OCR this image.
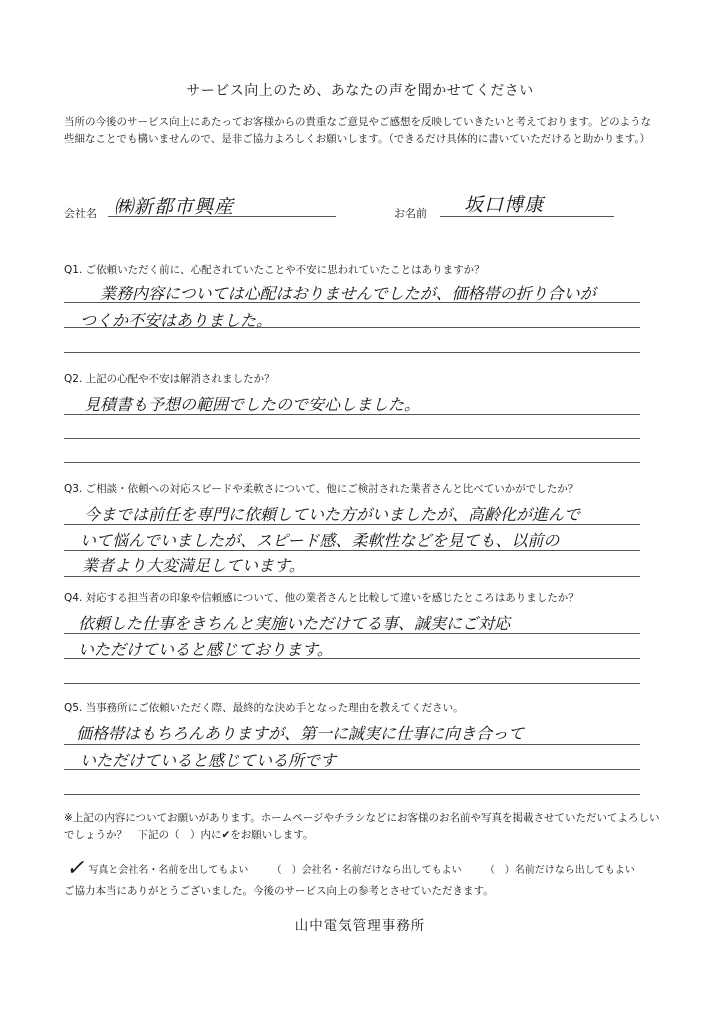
サービス向上のため、あなたの声を聞かせてください
当所の今後のサービス向上にあたってお客様からの貴重なご意見やご感想を反映していきたいと考えております。どのような些細なことでも構いませんので、是非ご協力よろしくお願いします。（できるだけ具体的に書いていただけると助かります。）
会社名 ㈱新都市興産	お名前 坂口博康
Q1. ご依頼いただく前に、心配されていたことや不安に思われていたことはありますか？
業務内容については心配はおりませんでしたが、価格帯の折り合いが
つくか不安はありました。
Q2. 上記の心配や不安は解消されましたか？
見積書も予想の範囲でしたので安心しました。
Q3. ご相談・依頼への対応スピードや柔軟さについて、他にご検討された業者さんと比べていかがでしたか？
今までは前任を専門に依頼していた方がいましたが、高齢化が進んで
いて悩んでいましたが、スピード感、柔軟性などを見ても、以前の
業者より大変満足しています。
Q4. 対応する担当者の印象や信頼感について、他の業者さんと比較して違いを感じたところはありましたか？
依頼した仕事をきちんと実施いただけてる事、誠実にご対応
いただけていると感じております。
Q5. 当事務所にご依頼いただく際、最終的な決め手となった理由を教えてください。
価格帯はもちろんありますが、第一に誠実に仕事に向き合って
いただけていると感じている所です
※上記の内容についてお願いがあります。ホームページやチラシなどにお客様のお名前や写真を掲載させていただいてよろしいでしょうか？　下記の（　）内に✔をお願いします。
✓ 写真と会社名・名前を出してもよい （　）会社名・名前だけなら出してもよい （　）名前だけなら出してもよい
ご協力本当にありがとうございました。今後のサービス向上の参考とさせていただきます。
山中電気管理事務所
